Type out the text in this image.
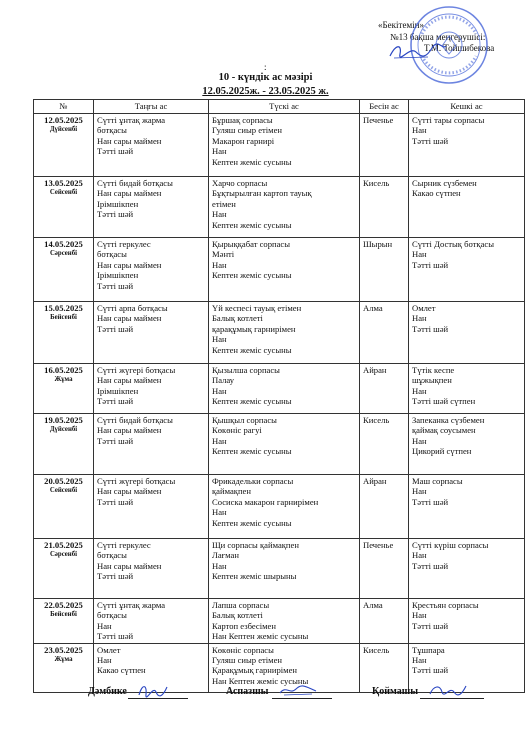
«Бекітемін»
№13 бақша меңгерушісі:
Т.М. Тойшибекова
:
10 - күндік ас мәзірі
12.05.2025ж. - 23.05.2025 ж.
№	Таңғы ас	Түскі ас	Бесін ас	Кешкі ас

12.05.2025
Дүйсенбі	Сүтті ұнтақ жарма
ботқасы
Нан сары маймен
Тәтті шәй	Бұршақ сорпасы
Гуляш сиыр етімен
Макарон гарнирі
Нан
Кептен жеміс сусыны	Печенье	Сүтті тары сорпасы
Нан
Тәтті шәй

13.05.2025
Сейсенбі	Сүтті бидай ботқасы
Нан сары маймен
Ірімшікпен
Тәтті шәй	Харчо сорпасы
Бұқтырылған картоп тауық
етімен
Нан
Кептен жеміс сусыны	Кисель	Сырник сүзбемен
Какао сүтпен

14.05.2025
Сәрсенбі	Сүтті геркулес
ботқасы
Нан сары маймен
Ірімшікпен
Тәтті шәй	Қырыққабат сорпасы
Мәнті
Нан
Кептен жеміс сусыны	Шырын	Сүтті Достық ботқасы
Нан
Тәтті шәй

15.05.2025
Бейсенбі	Сүтті арпа ботқасы
Нан сары маймен
Тәтті шәй	Үй кеспесі тауық етімен
Балық котлеті
қарақұмық гарнирімен
Нан
Кептен жеміс сусыны	Алма	Омлет
Нан
Тәтті шәй

16.05.2025
Жұма	Сүтті жүгері ботқасы
Нан сары маймен
Ірімшікпен
Тәтті шәй	Қызылша сорпасы
Палау
Нан
Кептен жеміс сусыны	Айран	Түтік кеспе
шұжықпен
Нан
Тәтті шәй сүтпен

19.05.2025
Дүйсенбі	Сүтті бидай ботқасы
Нан сары маймен
Тәтті шәй	Қышқыл сорпасы
Көкөніс рагуі
Нан
Кептен жеміс сусыны	Кисель	Запеканка сүзбемен
қаймақ соусымен
Нан
Цикорий сүтпен

20.05.2025
Сейсенбі	Сүтті жүгері ботқасы
Нан сары маймен
Тәтті шәй	Фрикадельки сорпасы
қаймақпен
Сосиска макарон гарнирімен
Нан
Кептен жеміс сусыны	Айран	Маш сорпасы
Нан
Тәтті шәй

21.05.2025
Сәрсенбі	Сүтті геркулес
ботқасы
Нан сары маймен
Тәтті шәй	Щи сорпасы қаймақпен
Лағман
Нан
Кептен жеміс шырыны	Печенье	Сүтті күріш сорпасы
Нан
Тәтті шәй

22.05.2025
Бейсенбі	Сүтті ұнтақ жарма
ботқасы
Нан
Тәтті шәй	Лапша сорпасы
Балық котлеті
Картоп езбесімен
Нан Кептен жеміс сусыны	Алма	Крестьян сорпасы
Нан
Тәтті шәй

23.05.2025
Жұма	Омлет
Нан
Какао сүтпен	Көкөніс сорпасы
Гуляш сиыр етімен
Қарақұмық гарнирімен
Нан Кептен жеміс сусыны	Кисель	Тұшпара
Нан
Тәтті шәй
Дәмбике	Аспазшы	Қоймашы
